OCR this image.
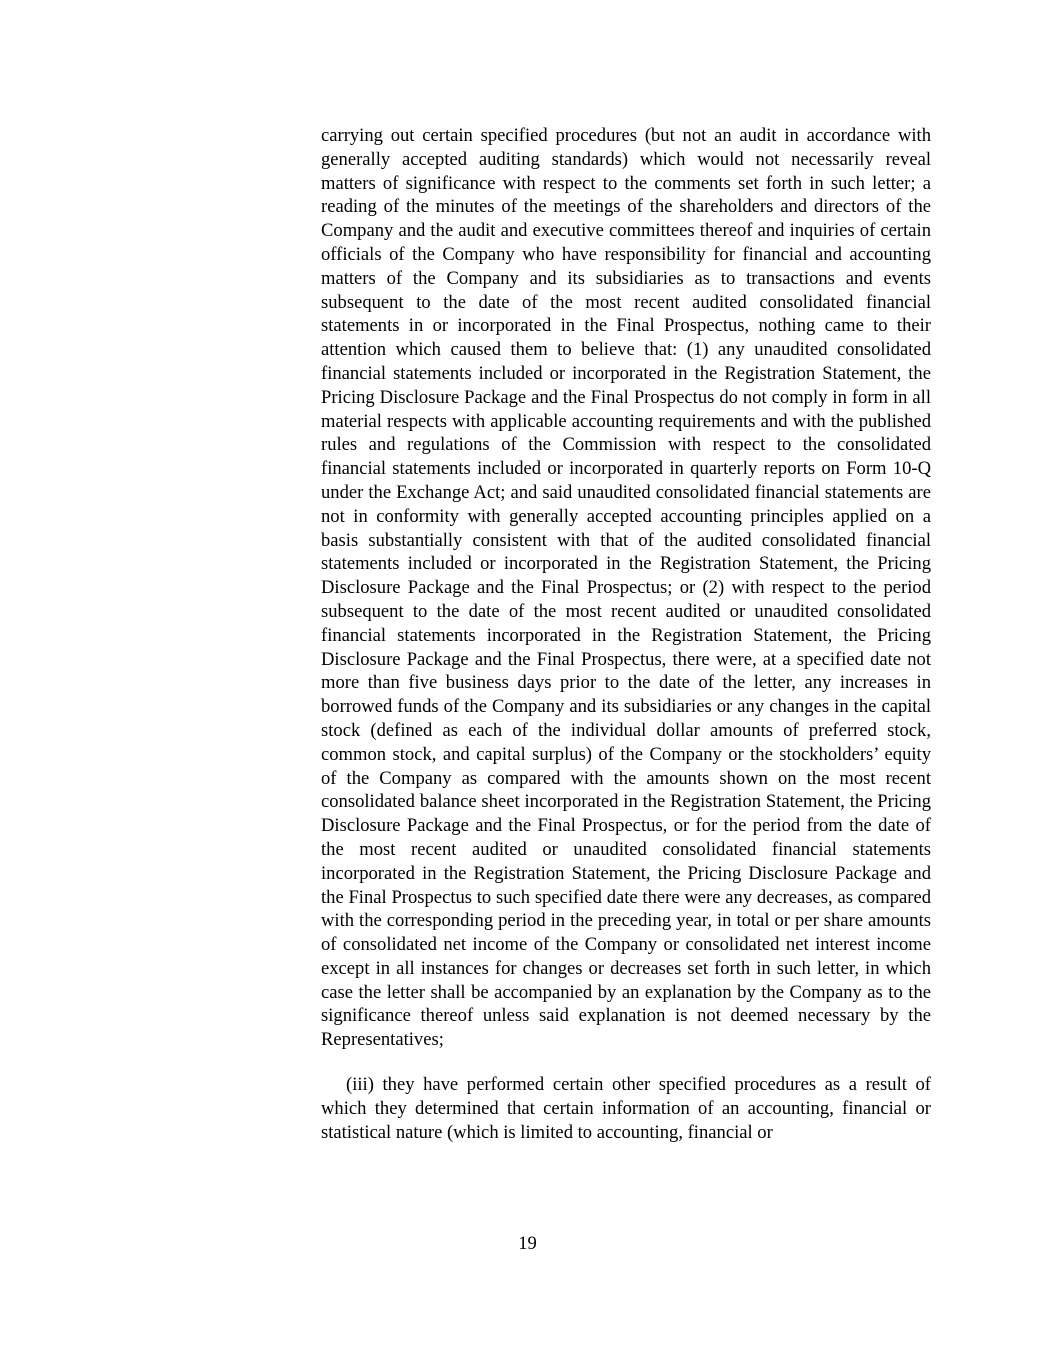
carrying out certain specified procedures (but not an audit in accordance with generally accepted auditing standards) which would not necessarily reveal matters of significance with respect to the comments set forth in such letter; a reading of the minutes of the meetings of the shareholders and directors of the Company and the audit and executive committees thereof and inquiries of certain officials of the Company who have responsibility for financial and accounting matters of the Company and its subsidiaries as to transactions and events subsequent to the date of the most recent audited consolidated financial statements in or incorporated in the Final Prospectus, nothing came to their attention which caused them to believe that: (1) any unaudited consolidated financial statements included or incorporated in the Registration Statement, the Pricing Disclosure Package and the Final Prospectus do not comply in form in all material respects with applicable accounting requirements and with the published rules and regulations of the Commission with respect to the consolidated financial statements included or incorporated in quarterly reports on Form 10-Q under the Exchange Act; and said unaudited consolidated financial statements are not in conformity with generally accepted accounting principles applied on a basis substantially consistent with that of the audited consolidated financial statements included or incorporated in the Registration Statement, the Pricing Disclosure Package and the Final Prospectus; or (2) with respect to the period subsequent to the date of the most recent audited or unaudited consolidated financial statements incorporated in the Registration Statement, the Pricing Disclosure Package and the Final Prospectus, there were, at a specified date not more than five business days prior to the date of the letter, any increases in borrowed funds of the Company and its subsidiaries or any changes in the capital stock (defined as each of the individual dollar amounts of preferred stock, common stock, and capital surplus) of the Company or the stockholders’ equity of the Company as compared with the amounts shown on the most recent consolidated balance sheet incorporated in the Registration Statement, the Pricing Disclosure Package and the Final Prospectus, or for the period from the date of the most recent audited or unaudited consolidated financial statements incorporated in the Registration Statement, the Pricing Disclosure Package and the Final Prospectus to such specified date there were any decreases, as compared with the corresponding period in the preceding year, in total or per share amounts of consolidated net income of the Company or consolidated net interest income except in all instances for changes or decreases set forth in such letter, in which case the letter shall be accompanied by an explanation by the Company as to the significance thereof unless said explanation is not deemed necessary by the Representatives;

(iii) they have performed certain other specified procedures as a result of which they determined that certain information of an accounting, financial or statistical nature (which is limited to accounting, financial or

19
